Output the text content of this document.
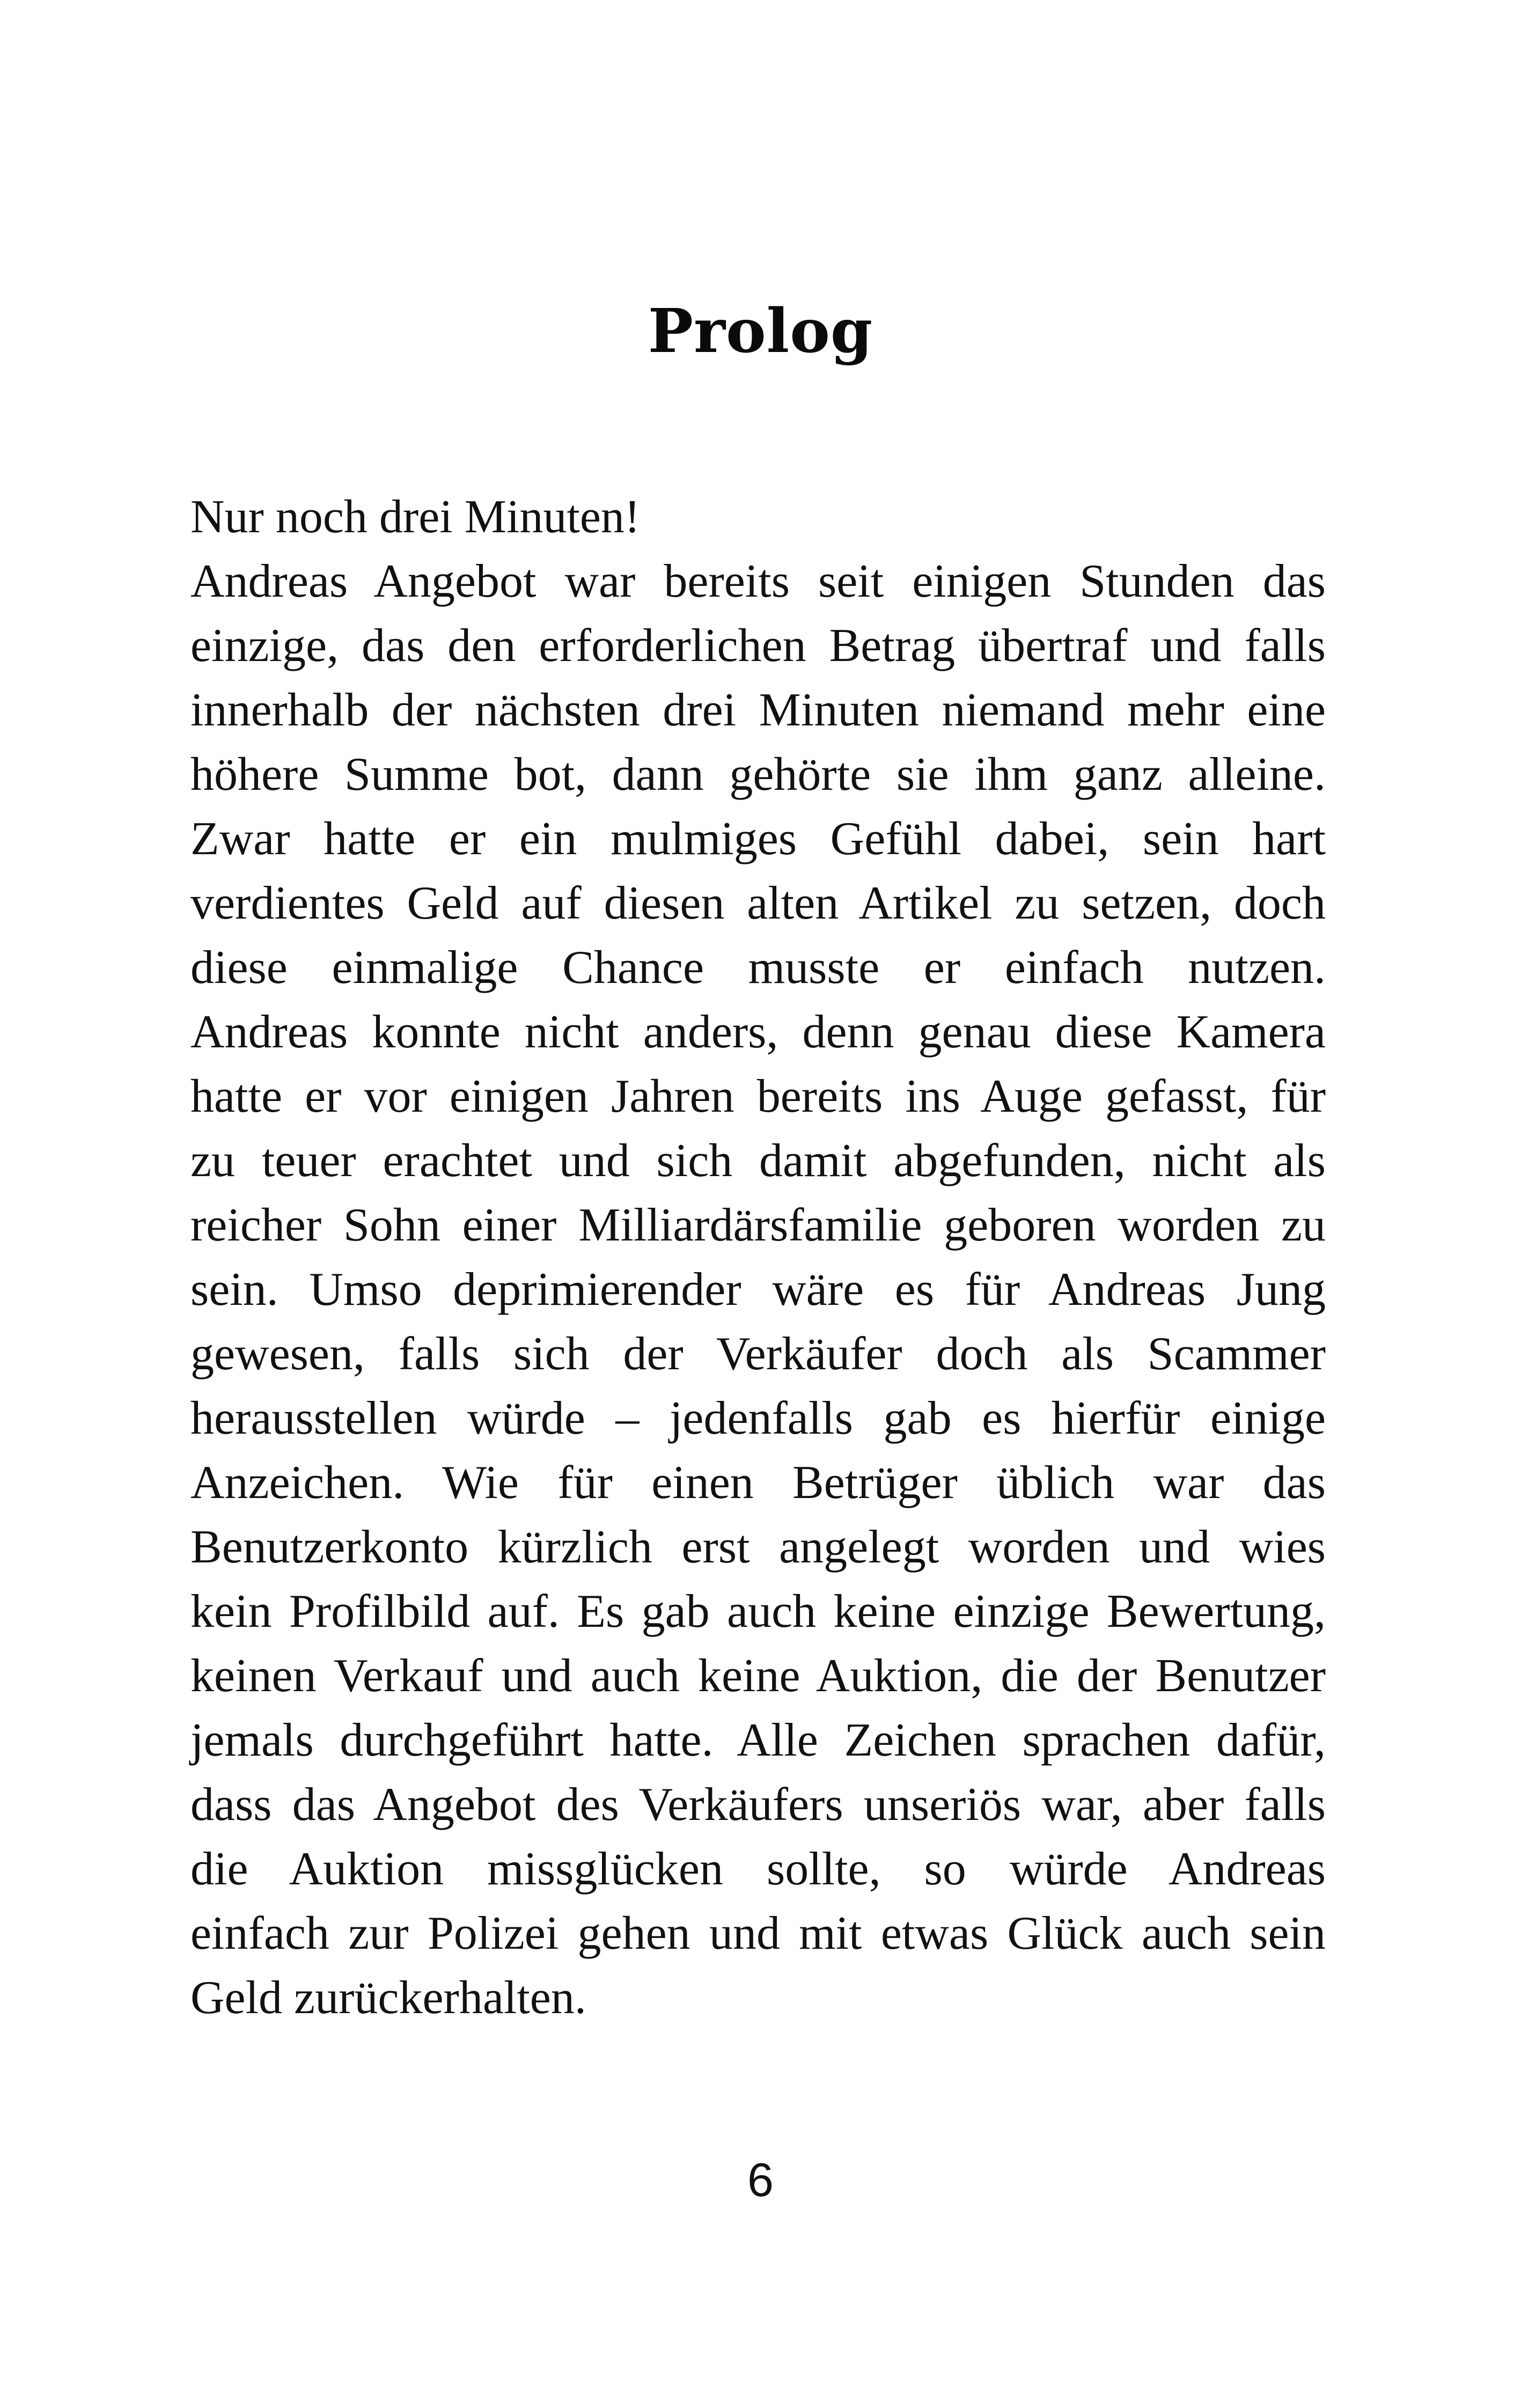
Prolog
Nur noch drei Minuten!
Andreas Angebot war bereits seit einigen Stunden das
einzige, das den erforderlichen Betrag übertraf und falls
innerhalb der nächsten drei Minuten niemand mehr eine
höhere Summe bot, dann gehörte sie ihm ganz alleine.
Zwar hatte er ein mulmiges Gefühl dabei, sein hart
verdientes Geld auf diesen alten Artikel zu setzen, doch
diese einmalige Chance musste er einfach nutzen.
Andreas konnte nicht anders, denn genau diese Kamera
hatte er vor einigen Jahren bereits ins Auge gefasst, für
zu teuer erachtet und sich damit abgefunden, nicht als
reicher Sohn einer Milliardärsfamilie geboren worden zu
sein. Umso deprimierender wäre es für Andreas Jung
gewesen, falls sich der Verkäufer doch als Scammer
herausstellen würde – jedenfalls gab es hierfür einige
Anzeichen. Wie für einen Betrüger üblich war das
Benutzerkonto kürzlich erst angelegt worden und wies
kein Profilbild auf. Es gab auch keine einzige Bewertung,
keinen Verkauf und auch keine Auktion, die der Benutzer
jemals durchgeführt hatte. Alle Zeichen sprachen dafür,
dass das Angebot des Verkäufers unseriös war, aber falls
die Auktion missglücken sollte, so würde Andreas
einfach zur Polizei gehen und mit etwas Glück auch sein
Geld zurückerhalten.
6
